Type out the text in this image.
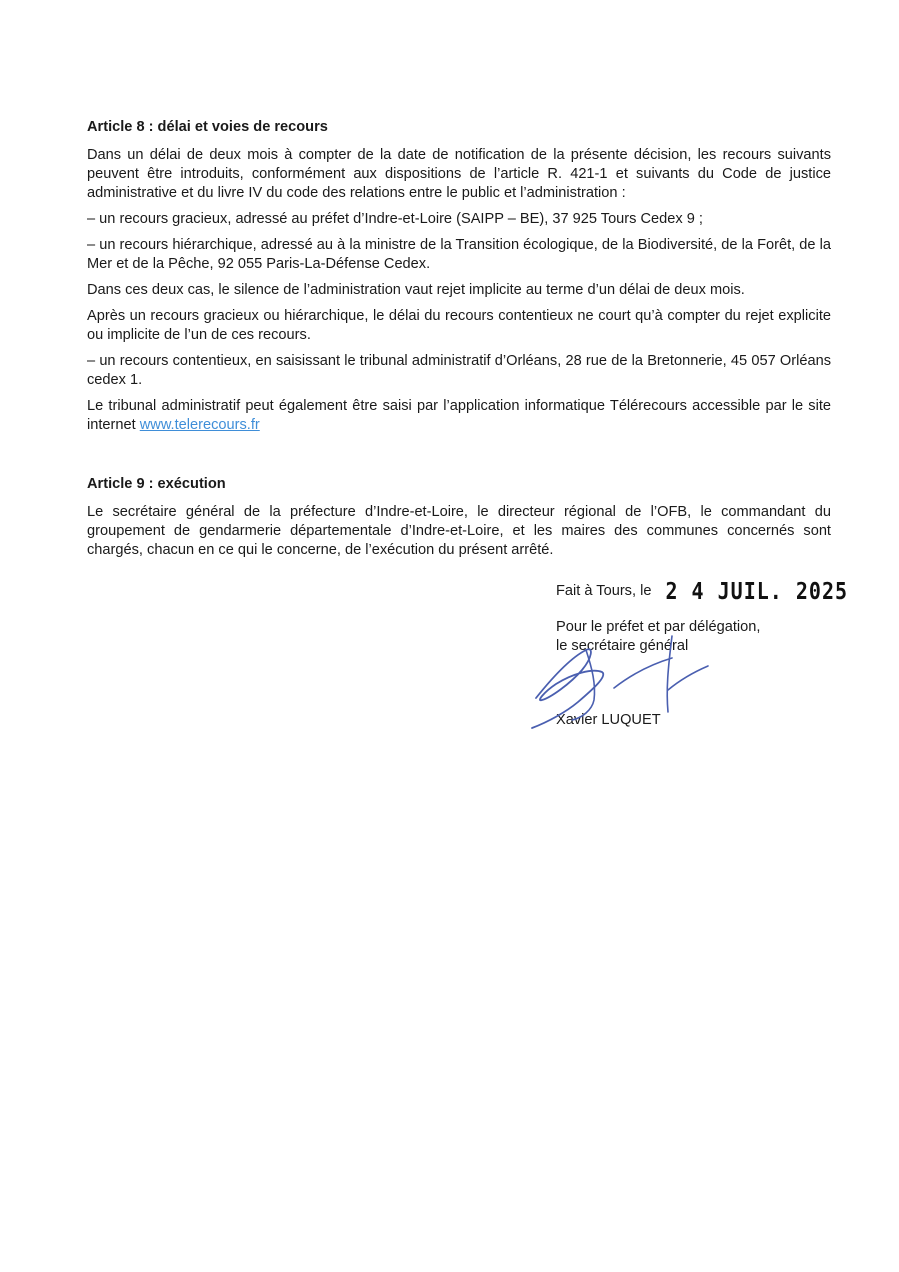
Article 8 : délai et voies de recours

Dans un délai de deux mois à compter de la date de notification de la présente décision, les recours suivants peuvent être introduits, conformément aux dispositions de l’article R. 421-1 et suivants du Code de justice administrative et du livre IV du code des relations entre le public et l’administration :

– un recours gracieux, adressé au préfet d’Indre-et-Loire (SAIPP – BE), 37 925 Tours Cedex 9 ;

– un recours hiérarchique, adressé au à la ministre de la Transition écologique, de la Biodiversité, de la Forêt, de la Mer et de la Pêche, 92 055 Paris-La-Défense Cedex.

Dans ces deux cas, le silence de l’administration vaut rejet implicite au terme d’un délai de deux mois.

Après un recours gracieux ou hiérarchique, le délai du recours contentieux ne court qu’à compter du rejet explicite ou implicite de l’un de ces recours.

– un recours contentieux, en saisissant le tribunal administratif d’Orléans, 28 rue de la Bretonnerie, 45 057 Orléans cedex 1.

Le tribunal administratif peut également être saisi par l’application informatique Télérecours accessible par le site internet www.telerecours.fr

Article 9 : exécution

Le secrétaire général de la préfecture d’Indre-et-Loire, le directeur régional de l’OFB, le commandant du groupement de gendarmerie départementale d’Indre-et-Loire, et les maires des communes concernés sont chargés, chacun en ce qui le concerne, de l’exécution du présent arrêté.

Fait à Tours, le 2 4 JUIL. 2025
Pour le préfet et par délégation,
le secrétaire général
Xavier LUQUET
